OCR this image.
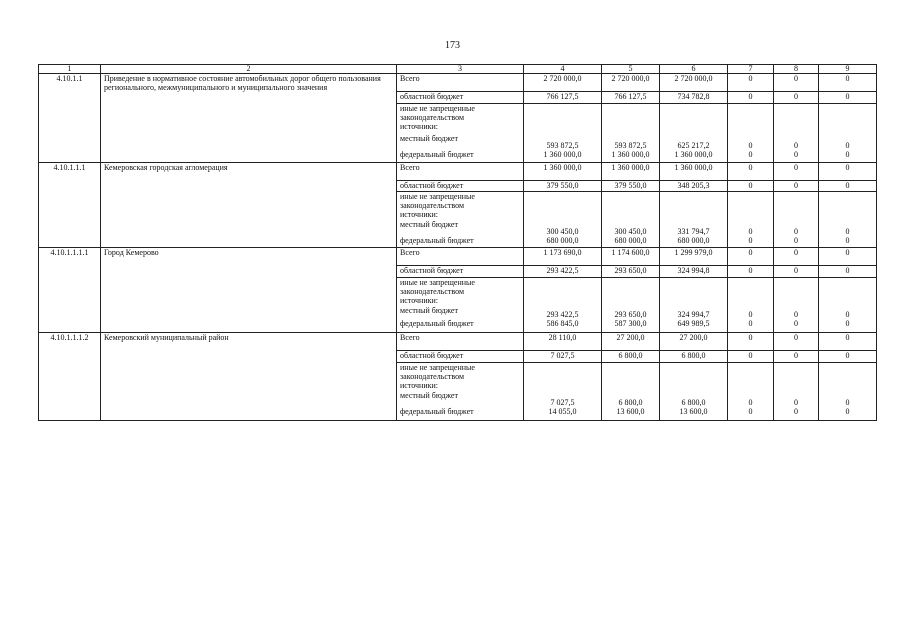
173
1	2	3	4	5	6	7	8	9
4.10.1.1	Приведение в нормативное состояние автомобильных дорог общего пользования регионального, межмуниципального и муниципального значения	Всего	2 720 000,0	2 720 000,0	2 720 000,0	0	0	0
		областной бюджет	766 127,5	766 127,5	734 782,8	0	0	0

		иные не запрещенные
законодательством
источники:
местный бюджет	593 872,5	593 872,5	625 217,2	0	0	0
		федеральный бюджет	1 360 000,0	1 360 000,0	1 360 000,0	0	0	0
4.10.1.1.1	Кемеровская городская агломерация	Всего	1 360 000,0	1 360 000,0	1 360 000,0	0	0	0
		областной бюджет	379 550,0	379 550,0	348 205,3	0	0	0

		иные не запрещенные
законодательством
источники:
местный бюджет	300 450,0	300 450,0	331 794,7	0	0	0
		федеральный бюджет	680 000,0	680 000,0	680 000,0	0	0	0
4.10.1.1.1.1	Город Кемерово	Всего	1 173 690,0	1 174 600,0	1 299 979,0	0	0	0
		областной бюджет	293 422,5	293 650,0	324 994,8	0	0	0

		иные не запрещенные
законодательством
источники:
местный бюджет	293 422,5	293 650,0	324 994,7	0	0	0
		федеральный бюджет	586 845,0	587 300,0	649 989,5	0	0	0
4.10.1.1.1.2	Кемеровский муниципальный район	Всего	28 110,0	27 200,0	27 200,0	0	0	0
		областной бюджет	7 027,5	6 800,0	6 800,0	0	0	0

		иные не запрещенные
законодательством
источники:
местный бюджет	7 027,5	6 800,0	6 800,0	0	0	0
		федеральный бюджет	14 055,0	13 600,0	13 600,0	0	0	0
